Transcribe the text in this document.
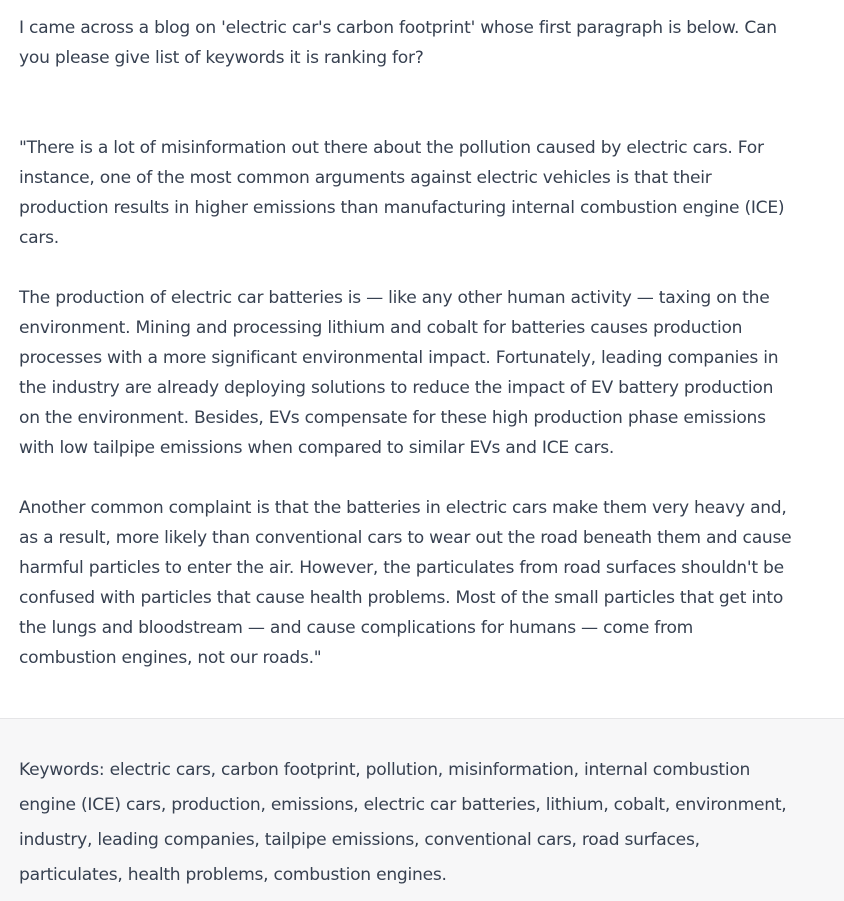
I came across a blog on 'electric car's carbon footprint' whose first paragraph is below. Can
you please give list of keywords it is ranking for?

"There is a lot of misinformation out there about the pollution caused by electric cars. For
instance, one of the most common arguments against electric vehicles is that their
production results in higher emissions than manufacturing internal combustion engine (ICE)
cars.

The production of electric car batteries is — like any other human activity — taxing on the
environment. Mining and processing lithium and cobalt for batteries causes production
processes with a more significant environmental impact. Fortunately, leading companies in
the industry are already deploying solutions to reduce the impact of EV battery production
on the environment. Besides, EVs compensate for these high production phase emissions
with low tailpipe emissions when compared to similar EVs and ICE cars.

Another common complaint is that the batteries in electric cars make them very heavy and,
as a result, more likely than conventional cars to wear out the road beneath them and cause
harmful particles to enter the air. However, the particulates from road surfaces shouldn't be
confused with particles that cause health problems. Most of the small particles that get into
the lungs and bloodstream — and cause complications for humans — come from
combustion engines, not our roads."

Keywords: electric cars, carbon footprint, pollution, misinformation, internal combustion
engine (ICE) cars, production, emissions, electric car batteries, lithium, cobalt, environment,
industry, leading companies, tailpipe emissions, conventional cars, road surfaces,
particulates, health problems, combustion engines.
